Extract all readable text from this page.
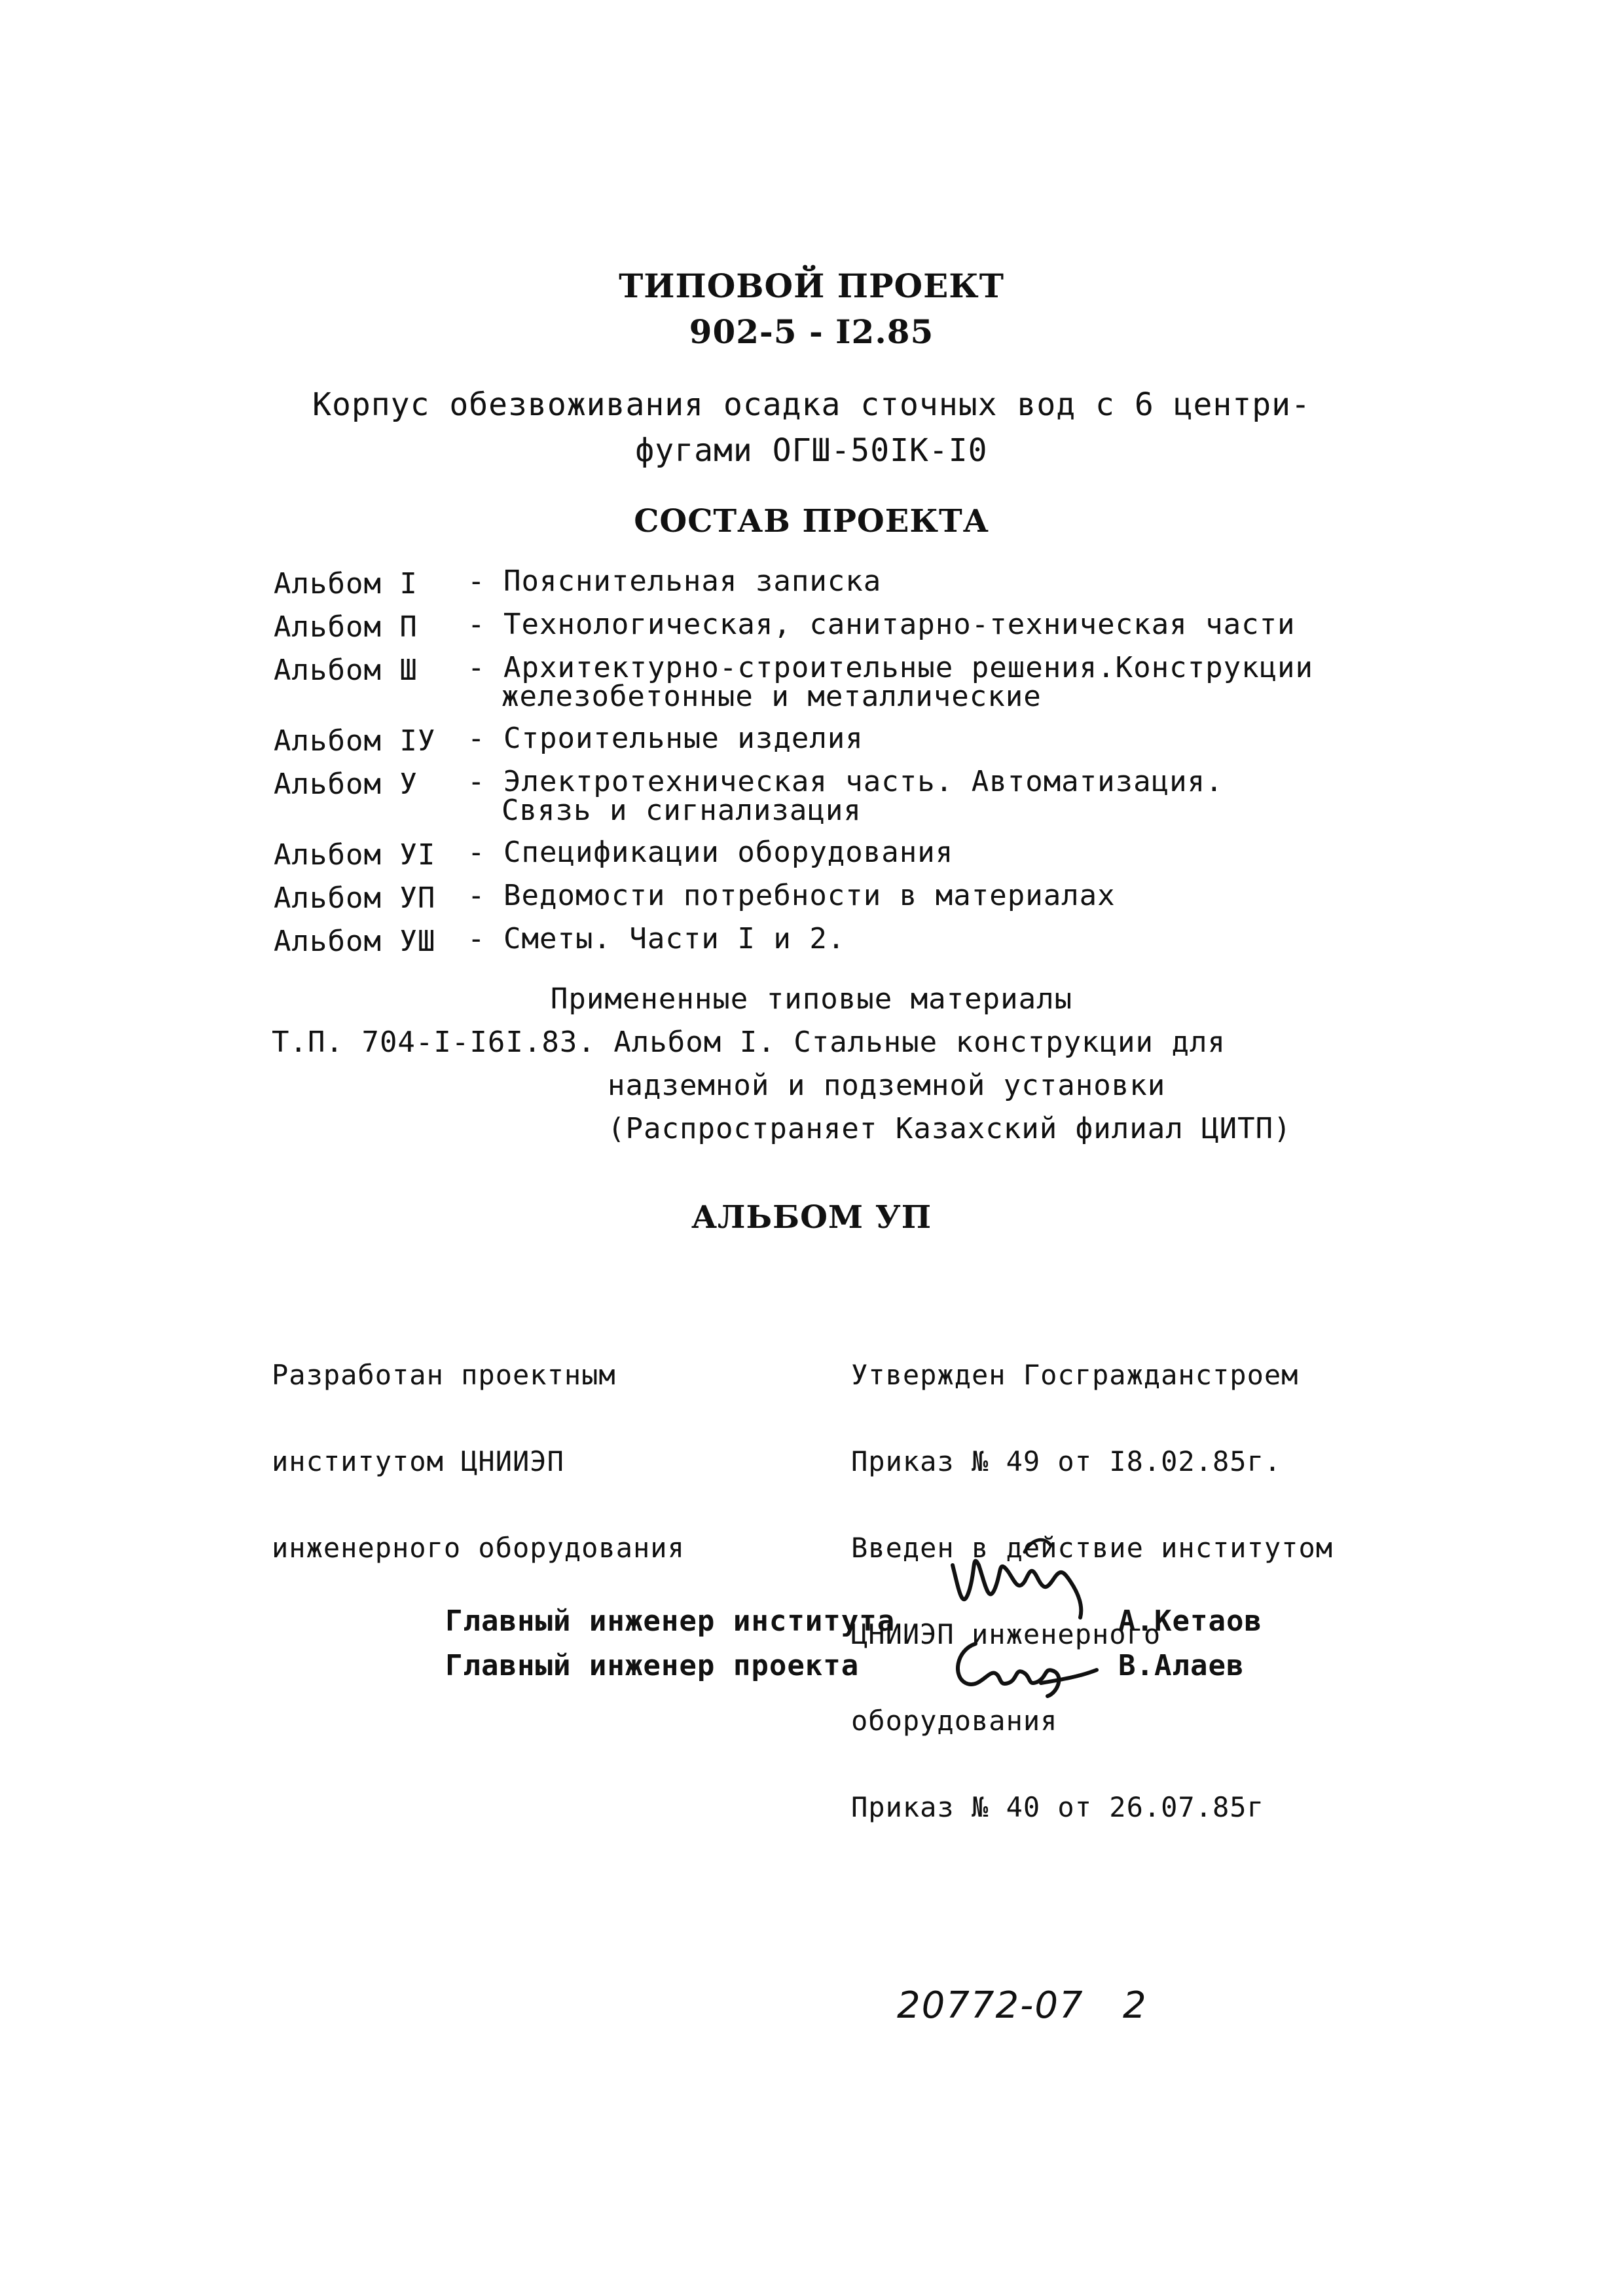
ТИПОВОЙ ПРОЕКТ
902-5 - I2.85
Корпус обезвоживания осадка сточных вод с 6 центри-
фугами ОГШ-50IК-I0
СОСТАВ ПРОЕКТА
Альбом I - Пояснительная записка
Альбом П - Технологическая, санитарно-техническая части
Альбом Ш - Архитектурно-строительные решения.Конструкции
железобетонные и металлические
Альбом IУ - Строительные изделия
Альбом У - Электротехническая часть. Автоматизация.
Связь и сигнализация
Альбом УI - Спецификации оборудования
Альбом УП - Ведомости потребности в материалах
Альбом УШ - Сметы. Части I и 2.
Примененные типовые материалы
Т.П. 704-I-I6I.83. Альбом I. Стальные конструкции для
надземной и подземной установки
(Распространяет Казахский филиал ЦИТП)
АЛЬБОМ УП

Разработан проектным

институтом ЦНИИЭП

инженерного оборудования

Утвержден Госгражданстроем

Приказ № 49 от I8.02.85г.

Введен в действие институтом

ЦНИИЭП инженерного

оборудования

Приказ № 40 от 26.07.85г

Главный инженер института	А.Кетаов
Главный инженер проекта	В.Алаев
20772-07 2
